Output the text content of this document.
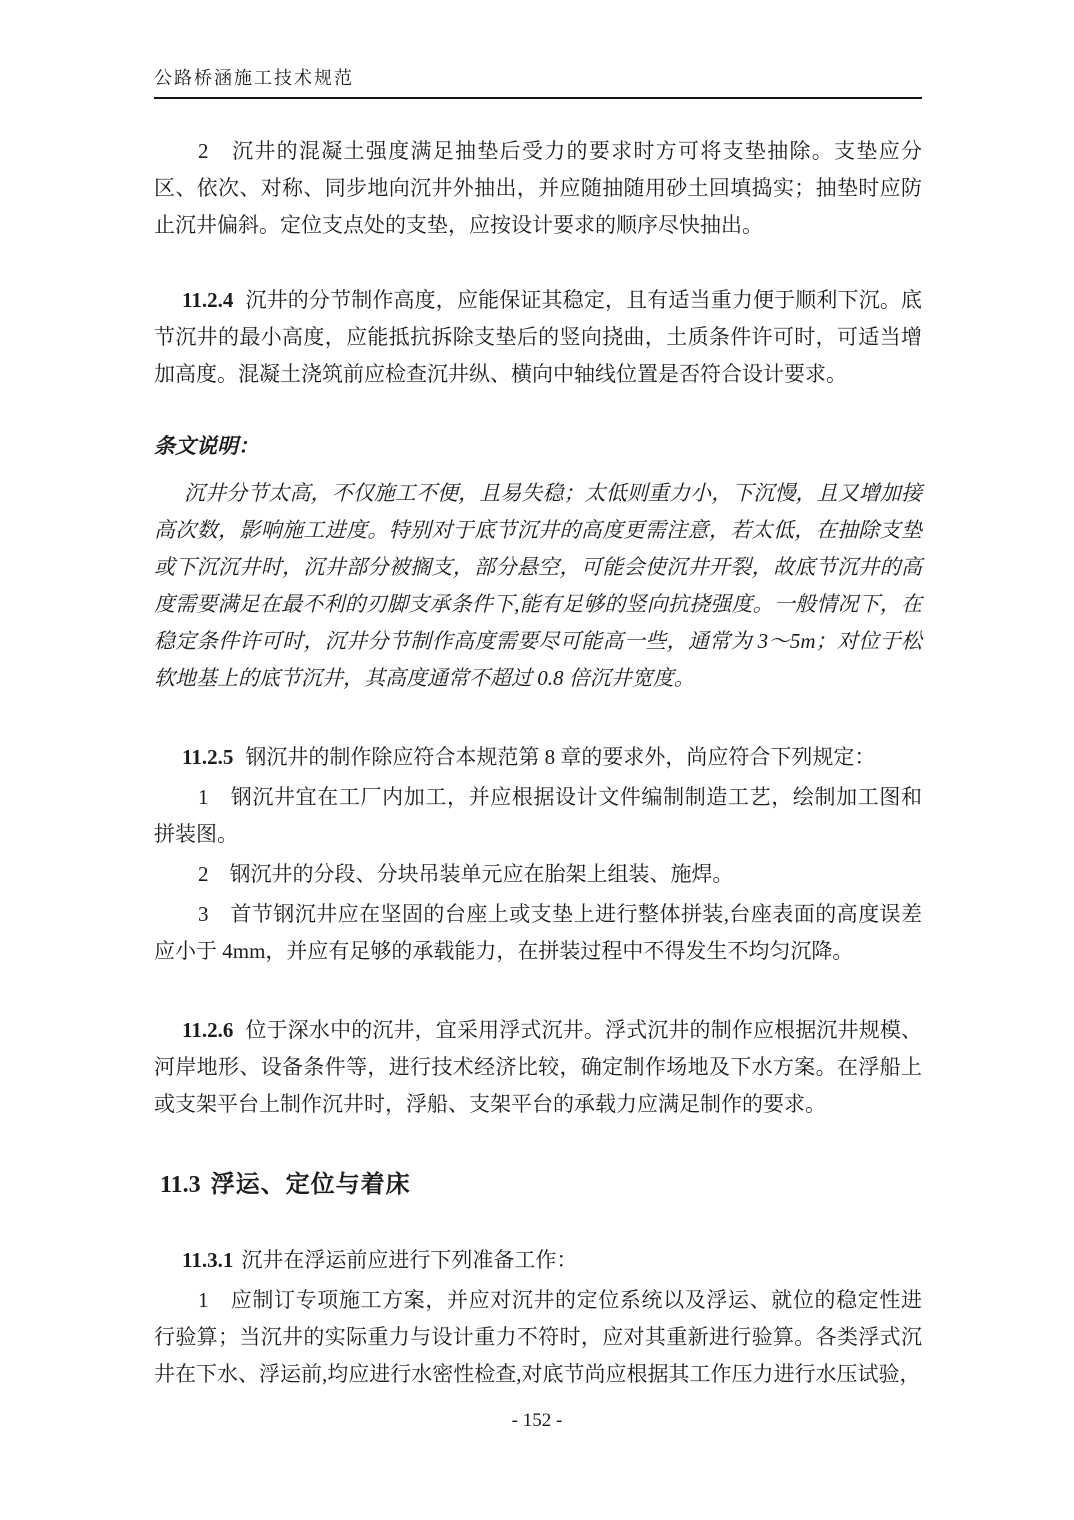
公路桥涵施工技术规范

2　沉井的混凝土强度满足抽垫后受力的要求时方可将支垫抽除。支垫应分区、依次、对称、同步地向沉井外抽出，并应随抽随用砂土回填捣实；抽垫时应防止沉井偏斜。定位支点处的支垫，应按设计要求的顺序尽快抽出。

11.2.4 沉井的分节制作高度，应能保证其稳定，且有适当重力便于顺利下沉。底节沉井的最小高度，应能抵抗拆除支垫后的竖向挠曲，土质条件许可时，可适当增加高度。混凝土浇筑前应检查沉井纵、横向中轴线位置是否符合设计要求。

条文说明：

沉井分节太高，不仅施工不便，且易失稳；太低则重力小，下沉慢，且又增加接高次数，影响施工进度。特别对于底节沉井的高度更需注意，若太低，在抽除支垫或下沉沉井时，沉井部分被搁支，部分悬空，可能会使沉井开裂，故底节沉井的高度需要满足在最不利的刃脚支承条件下,能有足够的竖向抗挠强度。一般情况下，在稳定条件许可时，沉井分节制作高度需要尽可能高一些，通常为 3～5m；对位于松软地基上的底节沉井，其高度通常不超过 0.8 倍沉井宽度。

11.2.5 钢沉井的制作除应符合本规范第 8 章的要求外，尚应符合下列规定：

1　钢沉井宜在工厂内加工，并应根据设计文件编制制造工艺，绘制加工图和拼装图。

2　钢沉井的分段、分块吊装单元应在胎架上组装、施焊。

3　首节钢沉井应在坚固的台座上或支垫上进行整体拼装,台座表面的高度误差应小于 4mm，并应有足够的承载能力，在拼装过程中不得发生不均匀沉降。

11.2.6 位于深水中的沉井，宜采用浮式沉井。浮式沉井的制作应根据沉井规模、河岸地形、设备条件等，进行技术经济比较，确定制作场地及下水方案。在浮船上或支架平台上制作沉井时，浮船、支架平台的承载力应满足制作的要求。

11.3 浮运、定位与着床

11.3.1 沉井在浮运前应进行下列准备工作：

1　应制订专项施工方案，并应对沉井的定位系统以及浮运、就位的稳定性进行验算；当沉井的实际重力与设计重力不符时，应对其重新进行验算。各类浮式沉井在下水、浮运前,均应进行水密性检查,对底节尚应根据其工作压力进行水压试验，

- 152 -
